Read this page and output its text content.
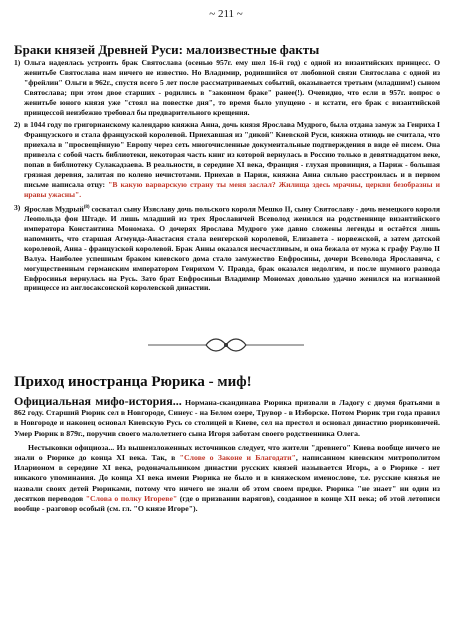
~ 211 ~
Браки князей Древней Руси: малоизвестные факты
1) Ольга надеялась устроить брак Святослава (осенью 957г. ему шел 16-й год) с одной из византийских принцесс. О женитьбе Святослава нам ничего не известно. Но Владимир, родившийся от любовной связи Святослава с одной из "фрейлин" Ольги в 962г., спустя всего 5 лет после рассматриваемых событий, оказывается третьим (младшим!) сыном Святослава; при этом двое старших - родились в "законном браке" ранее(!). Очевидно, что если в 957г. вопрос о женитьбе юного князя уже "стоял на повестке дня", то время было упущено - и кстати, его брак с византийской принцессой неизбежно требовал бы предварительного крещения.
2) в 1044 году по григорианскому календарю княжна Анна, дочь князя Ярослава Мудрого, была отдана замуж за Генриха I Французского и стала французской королевой. Приехавшая из "дикой" Киевской Руси, княжна отнюдь не считала, что приехала в "просвещённую" Европу через сеть многочисленные документальные подтверждения в виде её писем. Она привезла с собой часть библиотеки, некоторая часть книг из которой вернулась в Россию только в девятнадцатом веке, попав в библиотеку Сулакадзаева. В реальности, в середине XI века, Франция - глухая провинция, а Париж - большая грязная деревня, залитая по колено нечистотами. Приехав в Париж, княжна Анна сильно расстроилась и в первом письме написала отцу: "В какую варварскую страну ты меня заслал? Жилища здесь мрачны, церкви безобразны и нравы ужасны".
3) Ярослав Мудрый$^{(8)}$ сосватал сыну Изяславу дочь польского короля Мешко II, сыну Святославу - дочь немецкого короля Леопольда фон Штаде. И лишь младший из трех Ярославичей Всеволод женился на родственнице византийского императора Константина Мономаха. О дочерях Ярослава Мудрого уже давно сложены легенды и остаётся лишь напомнить, что старшая Агмунда-Анастасия стала венгерской королевой, Елизавета - норвежской, а затем датской королевой, Анна - французской королевой. Брак Анны оказался несчастливым, и она бежала от мужа к графу Раулю II Валуа. Наиболее успешным браком киевского дома стало замужество Евфросины, дочери Всеволода Ярославича, с могущественным германским императором Генрихом V. Правда, брак оказался недолгим, и после шумного развода Евфросинья вернулась на Русь. Зато брат Евфросиньи Владимир Мономах довольно удачно женился на изгнанной принцессе из англосаксонской королевской династии.
Приход иностранца Рюрика - миф!

Официальная мифо-история... Нормана-скандинава Рюрика призвали в Ладогу с двумя братьями в 862 году. Старший Рюрик сел в Новгороде, Синеус - на Белом озере, Трувор - в Изборске. Потом Рюрик три года правил в Новгороде и наконец основал Киевскую Русь со столицей в Киеве, сел на престол и основал династию рюриковичей. Умер Рюрик в 879г., поручив своего малолетнего сына Игоря заботам своего родственника Олега.

Нестыковки официоза... Из вышеизложенных источников следует, что жители "древнего" Киева вообще ничего не знали о Рюрике до конца XI века. Так, в "Слове о Законе и Благодати", написанном киевским митрополитом Иларионом в середине XI века, родоначальником династии русских князей называется Игорь, а о Рюрике - нет никакого упоминания. До конца XI века имени Рюрика не было и в княжеском именослове, т.е. русские князья не назвали своих детей Рюриками, потому что ничего не знали об этом своем предке. Рюрика "не знает" ни один из десятков переводов "Слова о полку Игореве" (где о призвании варягов), созданное в конце XII века; об этой летописи вообще - разговор особый (см. гл. "О князе Игоре").
